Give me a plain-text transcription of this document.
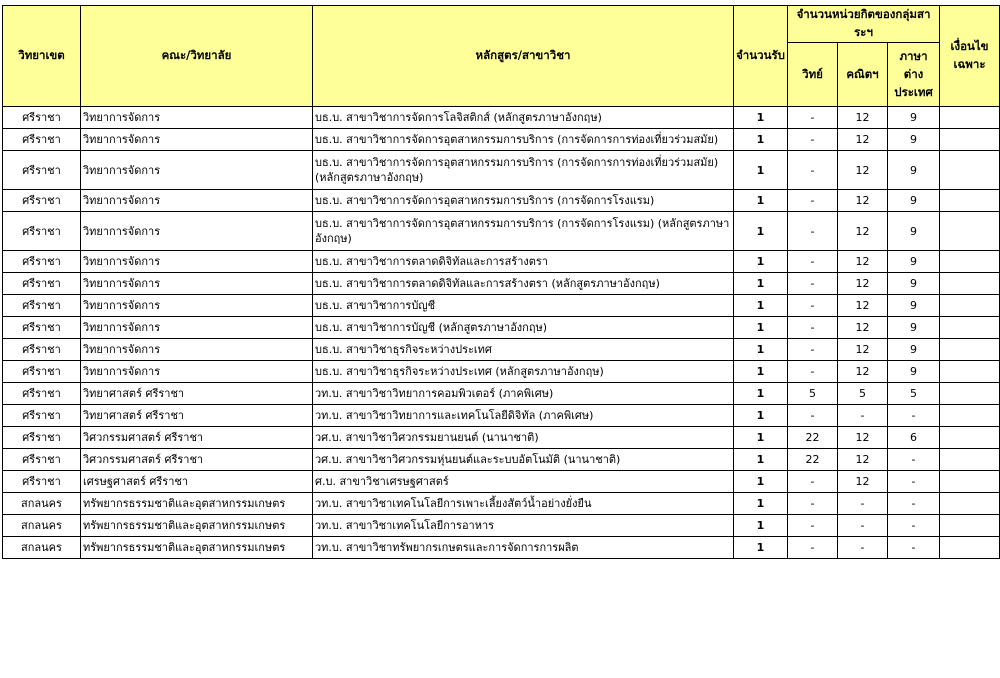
วิทยาเขต	คณะ/วิทยาลัย	หลักสูตร/สาขาวิชา	จำนวนรับ	จำนวนหน่วยกิตของกลุ่มสาระฯ			เงื่อนไขเฉพาะ
				วิทย์	คณิตฯ	ภาษาต่างประเทศ	
ศรีราชา	วิทยาการจัดการ	บธ.บ. สาขาวิชาการจัดการโลจิสติกส์ (หลักสูตรภาษาอังกฤษ)	1	-	12	9	
ศรีราชา	วิทยาการจัดการ	บธ.บ. สาขาวิชาการจัดการอุตสาหกรรมการบริการ (การจัดการการท่องเที่ยวร่วมสมัย)	1	-	12	9	
ศรีราชา	วิทยาการจัดการ	บธ.บ. สาขาวิชาการจัดการอุตสาหกรรมการบริการ (การจัดการการท่องเที่ยวร่วมสมัย) (หลักสูตรภาษาอังกฤษ)	1	-	12	9	
ศรีราชา	วิทยาการจัดการ	บธ.บ. สาขาวิชาการจัดการอุตสาหกรรมการบริการ (การจัดการโรงแรม)	1	-	12	9	
ศรีราชา	วิทยาการจัดการ	บธ.บ. สาขาวิชาการจัดการอุตสาหกรรมการบริการ (การจัดการโรงแรม) (หลักสูตรภาษาอังกฤษ)	1	-	12	9	
ศรีราชา	วิทยาการจัดการ	บธ.บ. สาขาวิชาการตลาดดิจิทัลและการสร้างตรา	1	-	12	9	
ศรีราชา	วิทยาการจัดการ	บธ.บ. สาขาวิชาการตลาดดิจิทัลและการสร้างตรา (หลักสูตรภาษาอังกฤษ)	1	-	12	9	
ศรีราชา	วิทยาการจัดการ	บธ.บ. สาขาวิชาการบัญชี	1	-	12	9	
ศรีราชา	วิทยาการจัดการ	บธ.บ. สาขาวิชาการบัญชี (หลักสูตรภาษาอังกฤษ)	1	-	12	9	
ศรีราชา	วิทยาการจัดการ	บธ.บ. สาขาวิชาธุรกิจระหว่างประเทศ	1	-	12	9	
ศรีราชา	วิทยาการจัดการ	บธ.บ. สาขาวิชาธุรกิจระหว่างประเทศ (หลักสูตรภาษาอังกฤษ)	1	-	12	9	
ศรีราชา	วิทยาศาสตร์ ศรีราชา	วท.บ. สาขาวิชาวิทยาการคอมพิวเตอร์ (ภาคพิเศษ)	1	5	5	5	
ศรีราชา	วิทยาศาสตร์ ศรีราชา	วท.บ. สาขาวิชาวิทยาการและเทคโนโลยีดิจิทัล (ภาคพิเศษ)	1	-	-	-	
ศรีราชา	วิศวกรรมศาสตร์ ศรีราชา	วศ.บ. สาขาวิชาวิศวกรรมยานยนต์ (นานาชาติ)	1	22	12	6	
ศรีราชา	วิศวกรรมศาสตร์ ศรีราชา	วศ.บ. สาขาวิชาวิศวกรรมหุ่นยนต์และระบบอัตโนมัติ (นานาชาติ)	1	22	12	-	
ศรีราชา	เศรษฐศาสตร์ ศรีราชา	ศ.บ. สาขาวิชาเศรษฐศาสตร์	1	-	12	-	
สกลนคร	ทรัพยากรธรรมชาติและอุตสาหกรรมเกษตร	วท.บ. สาขาวิชาเทคโนโลยีการเพาะเลี้ยงสัตว์น้ำอย่างยั่งยืน	1	-	-	-	
สกลนคร	ทรัพยากรธรรมชาติและอุตสาหกรรมเกษตร	วท.บ. สาขาวิชาเทคโนโลยีการอาหาร	1	-	-	-	
สกลนคร	ทรัพยากรธรรมชาติและอุตสาหกรรมเกษตร	วท.บ. สาขาวิชาทรัพยากรเกษตรและการจัดการการผลิต	1	-	-	-	
